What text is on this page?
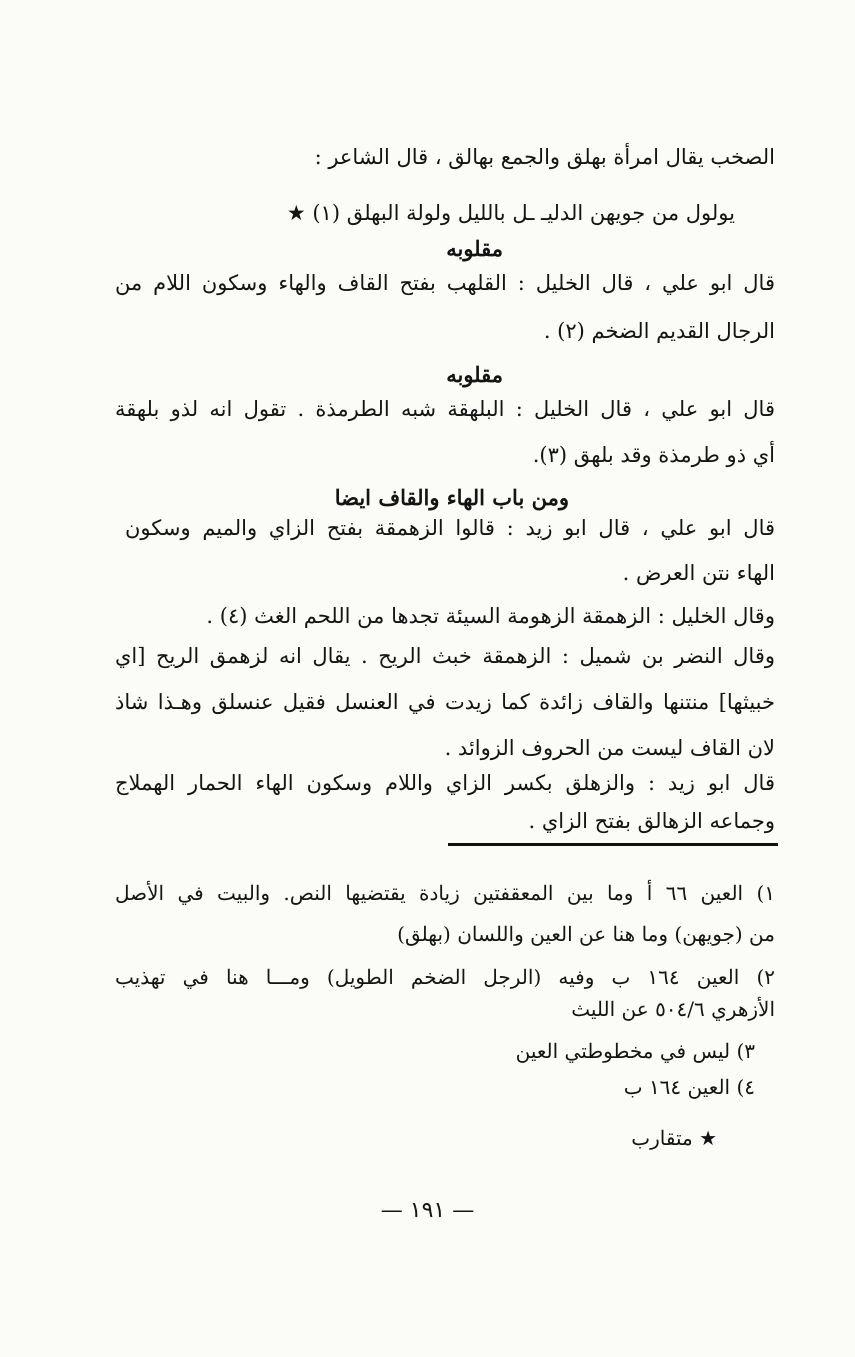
الصخب يقال امرأة بهلق والجمع بهالق ، قال الشاعر :
يولول من جويهن الدليـ ـل بالليل ولولة البهلق (١) ★
مقلوبه
قال ابو علي ، قال الخليل : القلهب بفتح القاف والهاء وسكون اللام من
الرجال القديم الضخم (٢) .
مقلوبه
قال ابو علي ، قال الخليل : البلهقة شبه الطرمذة . تقول انه لذو بلهقة
أي ذو طرمذة وقد بلهق (٣).
ومن باب الهاء والقاف ايضا
قال ابو علي ، قال ابو زيد : قالوا الزهمقة بفتح الزاي والميم وسكون
الهاء نتن العرض .
وقال الخليل : الزهمقة الزهومة السيئة تجدها من اللحم الغث (٤) .
وقال النضر بن شميل : الزهمقة خبث الريح . يقال انه لزهمق الريح [اي
خبيثها] منتنها والقاف زائدة كما زيدت في العنسل فقيل عنسلق وهـذا شاذ
لان القاف ليست من الحروف الزوائد .
قال ابو زيد : والزهلق بكسر الزاي واللام وسكون الهاء الحمار الهملاج
وجماعه الزهالق بفتح الزاي .
١) العين ٦٦ أ وما بين المعقفتين زيادة يقتضيها النص. والبيت في الأصل
من (جويهن) وما هنا عن العين واللسان (بهلق)
٢) العين ١٦٤ ب وفيه (الرجل الضخم الطويل) ومـــا هنا في تهذيب
الأزهري ٥٠٤/٦ عن الليث
٣) ليس في مخطوطتي العين
٤) العين ١٦٤ ب
★ متقارب
— ١٩١ —
